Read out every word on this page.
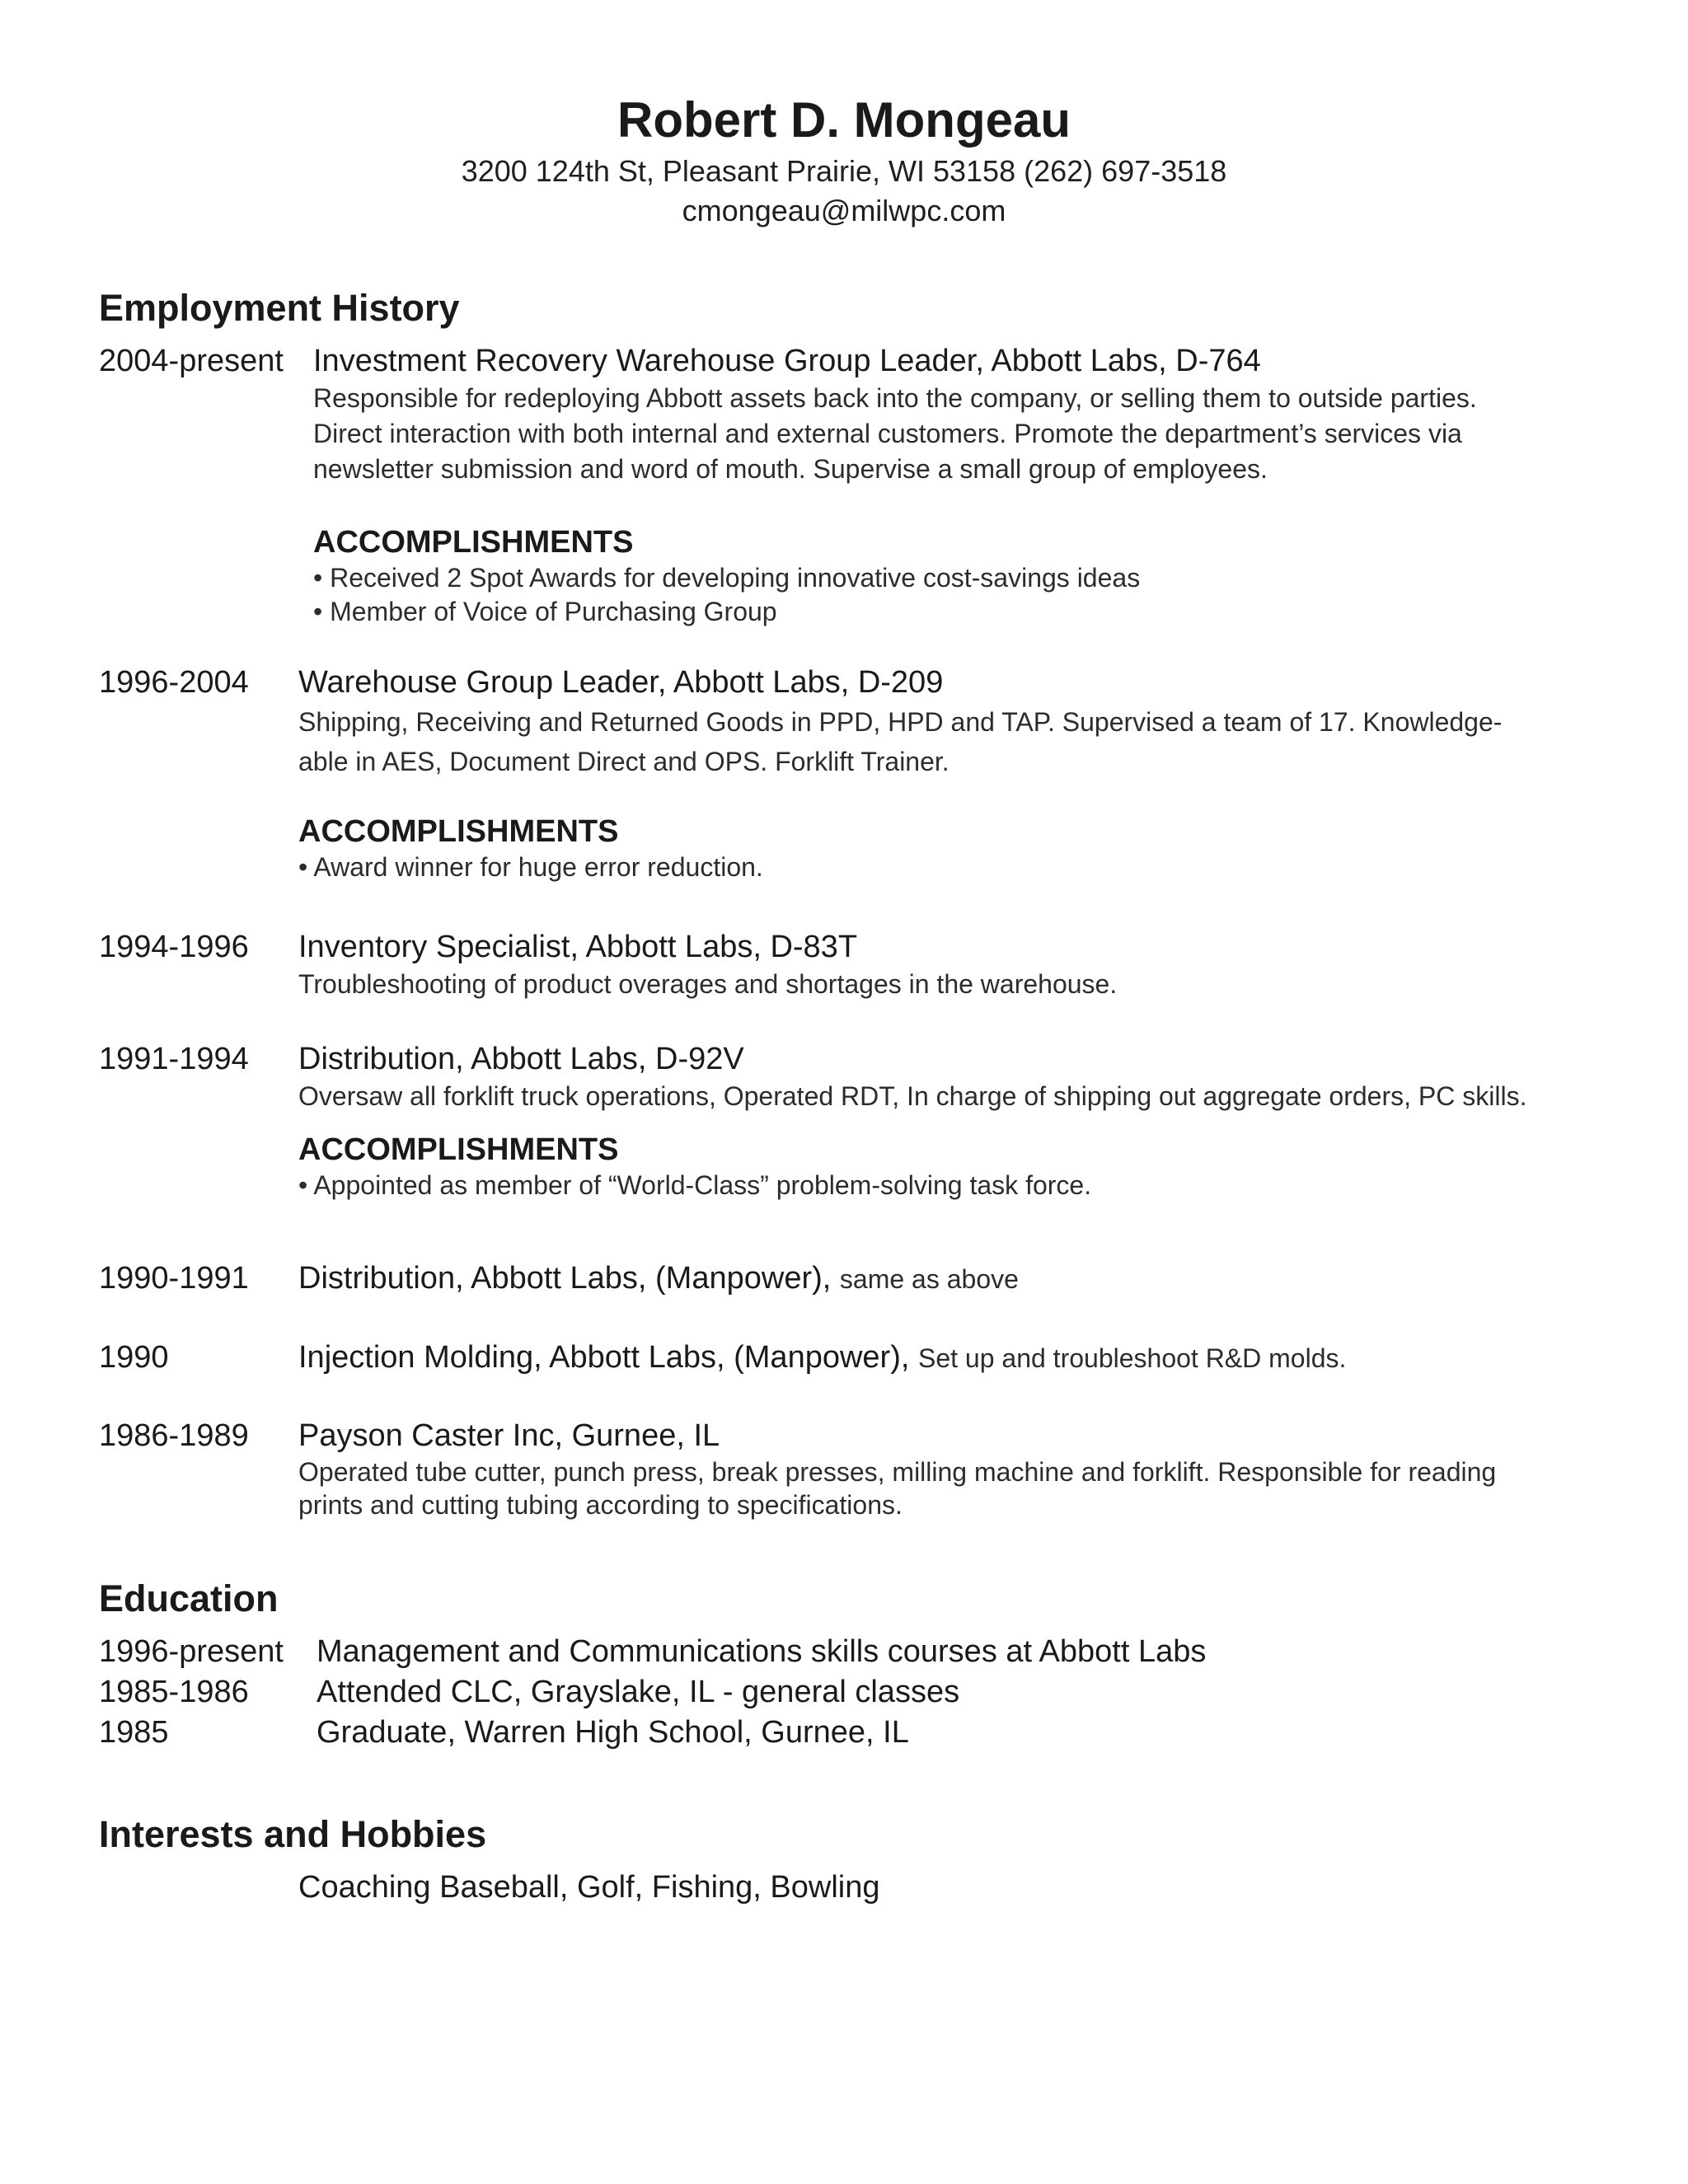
Robert D. Mongeau
3200 124th St, Pleasant Prairie, WI 53158 (262) 697-3518
cmongeau@milwpc.com
Employment History
2004-present Investment Recovery Warehouse Group Leader, Abbott Labs, D-764
Responsible for redeploying Abbott assets back into the company, or selling them to outside parties.
Direct interaction with both internal and external customers. Promote the department’s services via
newsletter submission and word of mouth. Supervise a small group of employees.
ACCOMPLISHMENTS
• Received 2 Spot Awards for developing innovative cost-savings ideas
• Member of Voice of Purchasing Group
1996-2004 Warehouse Group Leader, Abbott Labs, D-209
Shipping, Receiving and Returned Goods in PPD, HPD and TAP. Supervised a team of 17. Knowledge-
able in AES, Document Direct and OPS. Forklift Trainer.
ACCOMPLISHMENTS
• Award winner for huge error reduction.
1994-1996 Inventory Specialist, Abbott Labs, D-83T
Troubleshooting of product overages and shortages in the warehouse.
1991-1994 Distribution, Abbott Labs, D-92V
Oversaw all forklift truck operations, Operated RDT, In charge of shipping out aggregate orders, PC skills.
ACCOMPLISHMENTS
• Appointed as member of “World-Class” problem-solving task force.
1990-1991 Distribution, Abbott Labs, (Manpower), same as above
1990	Injection Molding, Abbott Labs, (Manpower), Set up and troubleshoot R&D molds.
1986-1989 Payson Caster Inc, Gurnee, IL
Operated tube cutter, punch press, break presses, milling machine and forklift. Responsible for reading
prints and cutting tubing according to specifications.
Education
1996-present Management and Communications skills courses at Abbott Labs
1985-1986 Attended CLC, Grayslake, IL - general classes
1985	Graduate, Warren High School, Gurnee, IL
Interests and Hobbies
Coaching Baseball, Golf, Fishing, Bowling
